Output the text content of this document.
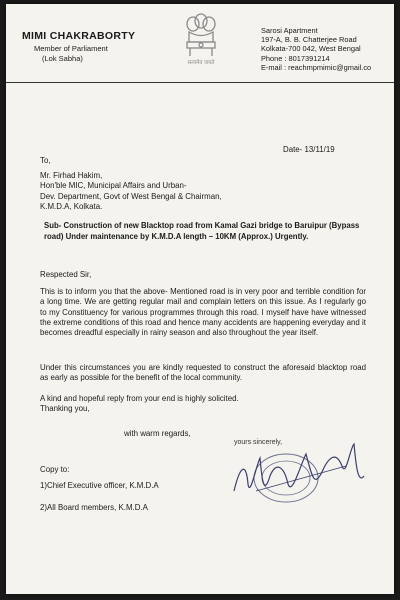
MIMI CHAKRABORTY
Member of Parliament
(Lok Sabha)	सत्यमेव जयते
Sarosi Apartment
197-A, B. B. Chatterjee Road
Kolkata-700 042, West Bengal
Phone : 8017391214
E-mail : reachmpmimic@gmail.co
Date- 13/11/19
To,
Mr. Firhad Hakim,
Hon'ble MIC, Municipal Affairs and Urban-
Dev. Department, Govt of West Bengal & Chairman,
K.M.D.A, Kolkata.
Sub- Construction of new Blacktop road from Kamal Gazi bridge to Baruipur (Bypass road) Under maintenance by K.M.D.A length – 10KM (Approx.) Urgently.
Respected Sir,
This is to inform you that the above- Mentioned road is in very poor and terrible condition for a long time. We are getting regular mail and complain letters on this issue. As I regularly go to my Constituency for various programmes through this road. I myself have have witnessed the extreme conditions of this road and hence many accidents are happening everyday and it becomes dreadful especially in rainy season and also throughout the year itself.
Under this circumstances you are kindly requested to construct the aforesaid blacktop road as early as possible for the benefit of the local community.
A kind and hopeful reply from your end is highly solicited.
Thanking you,
with warm regards,
yours sincerely,
Copy to:
1)Chief Executive officer, K.M.D.A
2)All Board members, K.M.D.A
